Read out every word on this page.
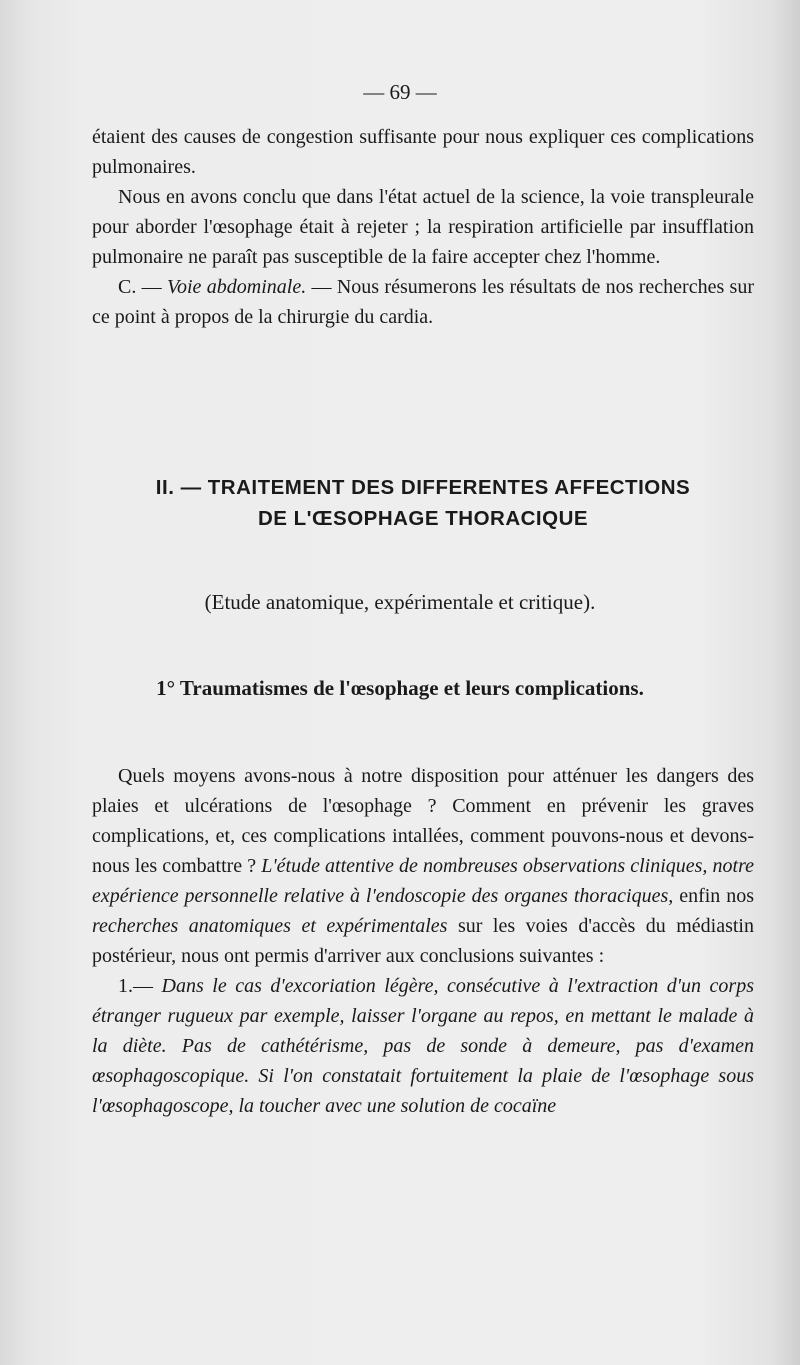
— 69 —

étaient des causes de congestion suffisante pour nous expliquer ces complications pulmonaires.

Nous en avons conclu que dans l'état actuel de la science, la voie transpleurale pour aborder l'œsophage était à rejeter ; la respiration artificielle par insufflation pulmonaire ne paraît pas susceptible de la faire accepter chez l'homme.

C. — Voie abdominale. — Nous résumerons les résultats de nos recherches sur ce point à propos de la chirurgie du cardia.

II. — TRAITEMENT DES DIFFERENTES AFFECTIONS
DE L'ŒSOPHAGE THORACIQUE
(Etude anatomique, expérimentale et critique).
1° Traumatismes de l'œsophage et leurs complications.

Quels moyens avons-nous à notre disposition pour atténuer les dangers des plaies et ulcérations de l'œsophage ? Comment en prévenir les graves complications, et, ces complications intallées, comment pouvons-nous et devons-nous les combattre ? L'étude attentive de nombreuses observations cliniques, notre expérience personnelle relative à l'endoscopie des organes thoraciques, enfin nos recherches anatomiques et expérimentales sur les voies d'accès du médiastin postérieur, nous ont permis d'arriver aux conclusions suivantes :

1.— Dans le cas d'excoriation légère, consécutive à l'extraction d'un corps étranger rugueux par exemple, laisser l'organe au repos, en mettant le malade à la diète. Pas de cathétérisme, pas de sonde à demeure, pas d'examen œsophagoscopique. Si l'on constatait fortuitement la plaie de l'œsophage sous l'œsophagoscope, la toucher avec une solution de cocaïne
